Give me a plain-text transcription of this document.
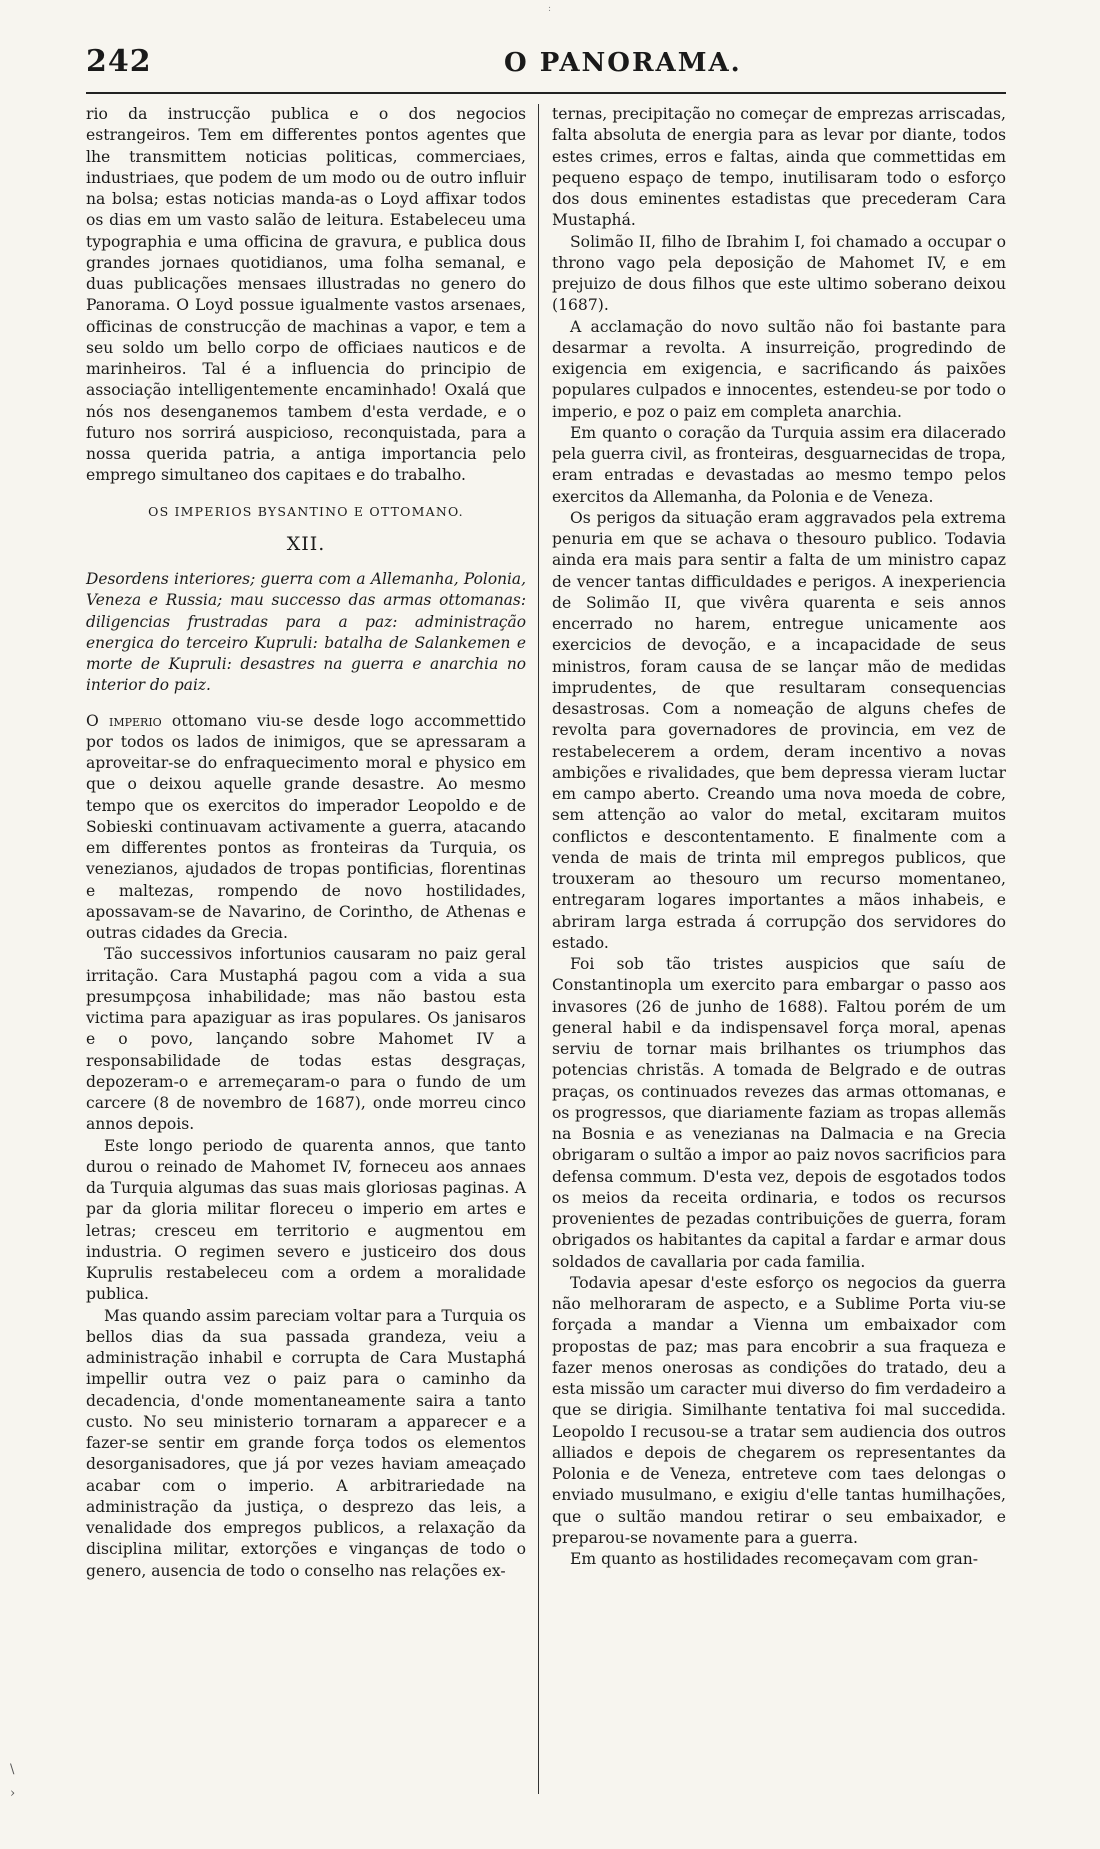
:
242	O PANORAMA.

rio da instrucção publica e o dos negocios estrangeiros. Tem em differentes pontos agentes que lhe transmittem noticias politicas, commerciaes, industriaes, que podem de um modo ou de outro influir na bolsa; estas noticias manda-as o Loyd affixar todos os dias em um vasto salão de leitura. Estabeleceu uma typographia e uma officina de gravura, e publica dous grandes jornaes quotidianos, uma folha semanal, e duas publicações mensaes illustradas no genero do Panorama. O Loyd possue igualmente vastos arsenaes, officinas de construcção de machinas a vapor, e tem a seu soldo um bello corpo de officiaes nauticos e de marinheiros. Tal é a influencia do principio de associação intelligentemente encaminhado! Oxalá que nós nos desenganemos tambem d'esta verdade, e o futuro nos sorrirá auspicioso, reconquistada, para a nossa querida patria, a antiga importancia pelo emprego simultaneo dos capitaes e do trabalho.

OS IMPERIOS BYSANTINO E OTTOMANO.
XII.
Desordens interiores; guerra com a Allemanha, Polonia, Veneza e Russia; mau successo das armas ottomanas: diligencias frustradas para a paz: administração energica do terceiro Kupruli: batalha de Salankemen e morte de Kupruli: desastres na guerra e anarchia no interior do paiz.

O imperio ottomano viu-se desde logo accommettido por todos os lados de inimigos, que se apressaram a aproveitar-se do enfraquecimento moral e physico em que o deixou aquelle grande desastre. Ao mesmo tempo que os exercitos do imperador Leopoldo e de Sobieski continuavam activamente a guerra, atacando em differentes pontos as fronteiras da Turquia, os venezianos, ajudados de tropas pontificias, florentinas e maltezas, rompendo de novo hostilidades, apossavam-se de Navarino, de Corintho, de Athenas e outras cidades da Grecia.

Tão successivos infortunios causaram no paiz geral irritação. Cara Mustaphá pagou com a vida a sua presumpçosa inhabilidade; mas não bastou esta victima para apaziguar as iras populares. Os janisaros e o povo, lançando sobre Mahomet IV a responsabilidade de todas estas desgraças, depozeram-o e arremeçaram-o para o fundo de um carcere (8 de novembro de 1687), onde morreu cinco annos depois.

Este longo periodo de quarenta annos, que tanto durou o reinado de Mahomet IV, forneceu aos annaes da Turquia algumas das suas mais gloriosas paginas. A par da gloria militar floreceu o imperio em artes e letras; cresceu em territorio e augmentou em industria. O regimen severo e justiceiro dos dous Kuprulis restabeleceu com a ordem a moralidade publica.

Mas quando assim pareciam voltar para a Turquia os bellos dias da sua passada grandeza, veiu a administração inhabil e corrupta de Cara Mustaphá impellir outra vez o paiz para o caminho da decadencia, d'onde momentaneamente saira a tanto custo. No seu ministerio tornaram a apparecer e a fazer-se sentir em grande força todos os elementos desorganisadores, que já por vezes haviam ameaçado acabar com o imperio. A arbitrariedade na administração da justiça, o desprezo das leis, a venalidade dos empregos publicos, a relaxação da disciplina militar, extorções e vinganças de todo o genero, ausencia de todo o conselho nas relações ex-

ternas, precipitação no começar de emprezas arriscadas, falta absoluta de energia para as levar por diante, todos estes crimes, erros e faltas, ainda que commettidas em pequeno espaço de tempo, inutilisaram todo o esforço dos dous eminentes estadistas que precederam Cara Mustaphá.

Solimão II, filho de Ibrahim I, foi chamado a occupar o throno vago pela deposição de Mahomet IV, e em prejuizo de dous filhos que este ultimo soberano deixou (1687).

A acclamação do novo sultão não foi bastante para desarmar a revolta. A insurreição, progredindo de exigencia em exigencia, e sacrificando ás paixões populares culpados e innocentes, estendeu-se por todo o imperio, e poz o paiz em completa anarchia.

Em quanto o coração da Turquia assim era dilacerado pela guerra civil, as fronteiras, desguarnecidas de tropa, eram entradas e devastadas ao mesmo tempo pelos exercitos da Allemanha, da Polonia e de Veneza.

Os perigos da situação eram aggravados pela extrema penuria em que se achava o thesouro publico. Todavia ainda era mais para sentir a falta de um ministro capaz de vencer tantas difficuldades e perigos. A inexperiencia de Solimão II, que vivêra quarenta e seis annos encerrado no harem, entregue unicamente aos exercicios de devoção, e a incapacidade de seus ministros, foram causa de se lançar mão de medidas imprudentes, de que resultaram consequencias desastrosas. Com a nomeação de alguns chefes de revolta para governadores de provincia, em vez de restabelecerem a ordem, deram incentivo a novas ambições e rivalidades, que bem depressa vieram luctar em campo aberto. Creando uma nova moeda de cobre, sem attenção ao valor do metal, excitaram muitos conflictos e descontentamento. E finalmente com a venda de mais de trinta mil empregos publicos, que trouxeram ao thesouro um recurso momentaneo, entregaram logares importantes a mãos inhabeis, e abriram larga estrada á corrupção dos servidores do estado.

Foi sob tão tristes auspicios que saíu de Constantinopla um exercito para embargar o passo aos invasores (26 de junho de 1688). Faltou porém de um general habil e da indispensavel força moral, apenas serviu de tornar mais brilhantes os triumphos das potencias christãs. A tomada de Belgrado e de outras praças, os continuados revezes das armas ottomanas, e os progressos, que diariamente faziam as tropas allemãs na Bosnia e as venezianas na Dalmacia e na Grecia obrigaram o sultão a impor ao paiz novos sacrificios para defensa commum. D'esta vez, depois de esgotados todos os meios da receita ordinaria, e todos os recursos provenientes de pezadas contribuições de guerra, foram obrigados os habitantes da capital a fardar e armar dous soldados de cavallaria por cada familia.

Todavia apesar d'este esforço os negocios da guerra não melhoraram de aspecto, e a Sublime Porta viu-se forçada a mandar a Vienna um embaixador com propostas de paz; mas para encobrir a sua fraqueza e fazer menos onerosas as condições do tratado, deu a esta missão um caracter mui diverso do fim verdadeiro a que se dirigia. Similhante tentativa foi mal succedida. Leopoldo I recusou-se a tratar sem audiencia dos outros alliados e depois de chegarem os representantes da Polonia e de Veneza, entreteve com taes delongas o enviado musulmano, e exigiu d'elle tantas humilhações, que o sultão mandou retirar o seu embaixador, e preparou-se novamente para a guerra.

Em quanto as hostilidades recomeçavam com gran-

\
›
